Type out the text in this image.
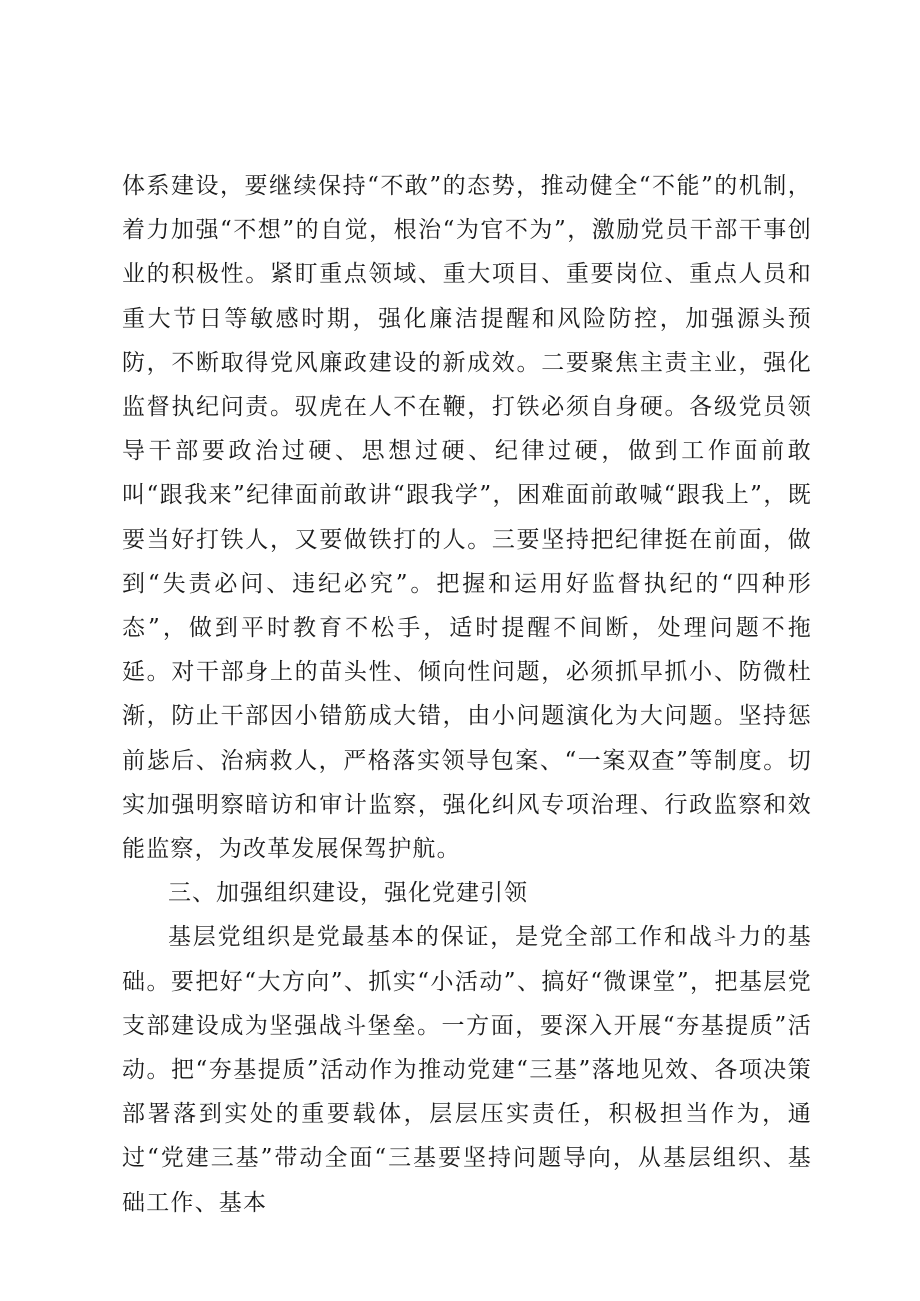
体系建设，要继续保持“不敢”的态势，推动健全“不能”的机制，着力加强“不想”的自觉，根治“为官不为”，激励党员干部干事创业的积极性。紧盯重点领域、重大项目、重要岗位、重点人员和重大节日等敏感时期，强化廉洁提醒和风险防控，加强源头预防，不断取得党风廉政建设的新成效。二要聚焦主责主业，强化监督执纪问责。驭虎在人不在鞭，打铁必须自身硬。各级党员领导干部要政治过硬、思想过硬、纪律过硬，做到工作面前敢叫“跟我来”纪律面前敢讲“跟我学”，困难面前敢喊“跟我上”，既要当好打铁人，又要做铁打的人。三要坚持把纪律挺在前面，做到“失责必问、违纪必究”。把握和运用好监督执纪的“四种形态”，做到平时教育不松手，适时提醒不间断，处理问题不拖延。对干部身上的苗头性、倾向性问题，必须抓早抓小、防微杜渐，防止干部因小错筋成大错，由小问题演化为大问题。坚持惩前毖后、治病救人，严格落实领导包案、“一案双查”等制度。切实加强明察暗访和审计监察，强化纠风专项治理、行政监察和效能监察，为改革发展保驾护航。

三、加强组织建设，强化党建引领

基层党组织是党最基本的保证，是党全部工作和战斗力的基础。要把好“大方向”、抓实“小活动”、搞好“微课堂”，把基层党支部建设成为坚强战斗堡垒。一方面，要深入开展“夯基提质”活动。把“夯基提质”活动作为推动党建“三基”落地见效、各项决策部署落到实处的重要载体，层层压实责任，积极担当作为，通过“党建三基”带动全面“三基要坚持问题导向，从基层组织、基础工作、基本
